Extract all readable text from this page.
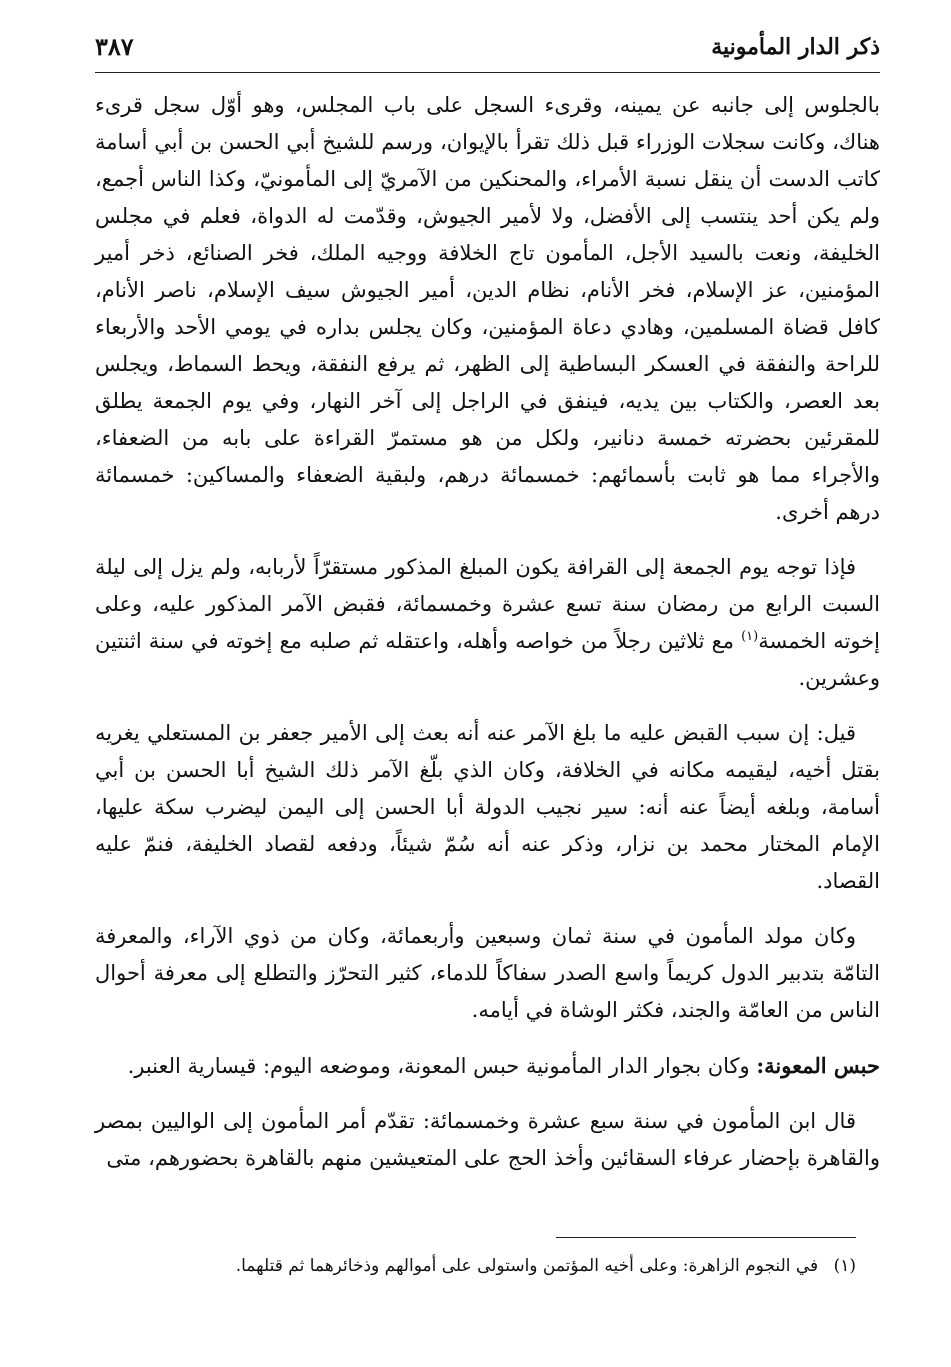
ذكر الدار المأمونية
٣٨٧

بالجلوس إلى جانبه عن يمينه، وقرىء السجل على باب المجلس، وهو أوّل سجل قرىء هناك، وكانت سجلات الوزراء قبل ذلك تقرأ بالإيوان، ورسم للشيخ أبي الحسن بن أبي أسامة كاتب الدست أن ينقل نسبة الأمراء، والمحنكين من الآمريّ إلى المأمونيّ، وكذا الناس أجمع، ولم يكن أحد ينتسب إلى الأفضل، ولا لأمير الجيوش، وقدّمت له الدواة، فعلم في مجلس الخليفة، ونعت بالسيد الأجل، المأمون تاج الخلافة ووجيه الملك، فخر الصنائع، ذخر أمير المؤمنين، عز الإسلام، فخر الأنام، نظام الدين، أمير الجيوش سيف الإسلام، ناصر الأنام، كافل قضاة المسلمين، وهادي دعاة المؤمنين، وكان يجلس بداره في يومي الأحد والأربعاء للراحة والنفقة في العسكر البساطية إلى الظهر، ثم يرفع النفقة، ويحط السماط، ويجلس بعد العصر، والكتاب بين يديه، فينفق في الراجل إلى آخر النهار، وفي يوم الجمعة يطلق للمقرئين بحضرته خمسة دنانير، ولكل من هو مستمرّ القراءة على بابه من الضعفاء، والأجراء مما هو ثابت بأسمائهم: خمسمائة درهم، ولبقية الضعفاء والمساكين: خمسمائة درهم أخرى.

فإذا توجه يوم الجمعة إلى القرافة يكون المبلغ المذكور مستقرّاً لأربابه، ولم يزل إلى ليلة السبت الرابع من رمضان سنة تسع عشرة وخمسمائة، فقبض الآمر المذكور عليه، وعلى إخوته الخمسة$^{(١)}$ مع ثلاثين رجلاً من خواصه وأهله، واعتقله ثم صلبه مع إخوته في سنة اثنتين وعشرين.

قيل: إن سبب القبض عليه ما بلغ الآمر عنه أنه بعث إلى الأمير جعفر بن المستعلي يغريه بقتل أخيه، ليقيمه مكانه في الخلافة، وكان الذي بلّغ الآمر ذلك الشيخ أبا الحسن بن أبي أسامة، وبلغه أيضاً عنه أنه: سير نجيب الدولة أبا الحسن إلى اليمن ليضرب سكة عليها، الإمام المختار محمد بن نزار، وذكر عنه أنه سُمّ شيئاً، ودفعه لقصاد الخليفة، فنمّ عليه القصاد.

وكان مولد المأمون في سنة ثمان وسبعين وأربعمائة، وكان من ذوي الآراء، والمعرفة التامّة بتدبير الدول كريماً واسع الصدر سفاكاً للدماء، كثير التحرّز والتطلع إلى معرفة أحوال الناس من العامّة والجند، فكثر الوشاة في أيامه.

حبس المعونة: وكان بجوار الدار المأمونية حبس المعونة، وموضعه اليوم: قيسارية العنبر.

قال ابن المأمون في سنة سبع عشرة وخمسمائة: تقدّم أمر المأمون إلى الواليين بمصر والقاهرة بإحضار عرفاء السقائين وأخذ الحج على المتعيشين منهم بالقاهرة بحضورهم، متى

(١) في النجوم الزاهرة: وعلى أخيه المؤتمن واستولى على أموالهم وذخائرهما ثم قتلهما.
